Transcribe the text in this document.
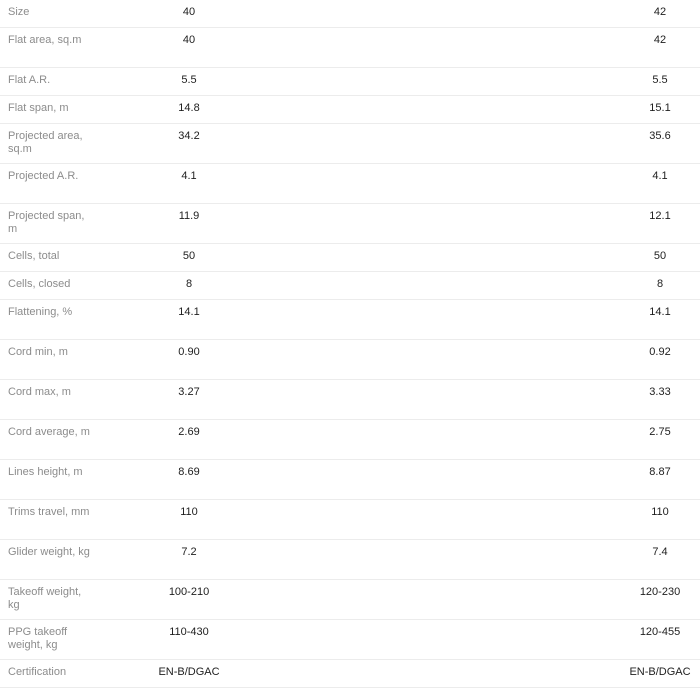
Size	40		42

Flat area, sq.m	40		42

Flat A.R.	5.5		5.5

Flat span, m	14.8		15.1

Projected area, sq.m	34.2		35.6

Projected A.R.	4.1		4.1

Projected span, m	11.9		12.1

Cells, total	50		50

Cells, closed	8		8

Flattening, %	14.1		14.1

Cord min, m	0.90		0.92

Cord max, m	3.27		3.33

Cord average, m	2.69		2.75

Lines height, m	8.69		8.87

Trims travel, mm	110		110

Glider weight, kg	7.2		7.4

Takeoff weight, kg	100-210		120-230

PPG takeoff weight, kg	110-430		120-455

Certification	EN-B/DGAC		EN-B/DGAC
